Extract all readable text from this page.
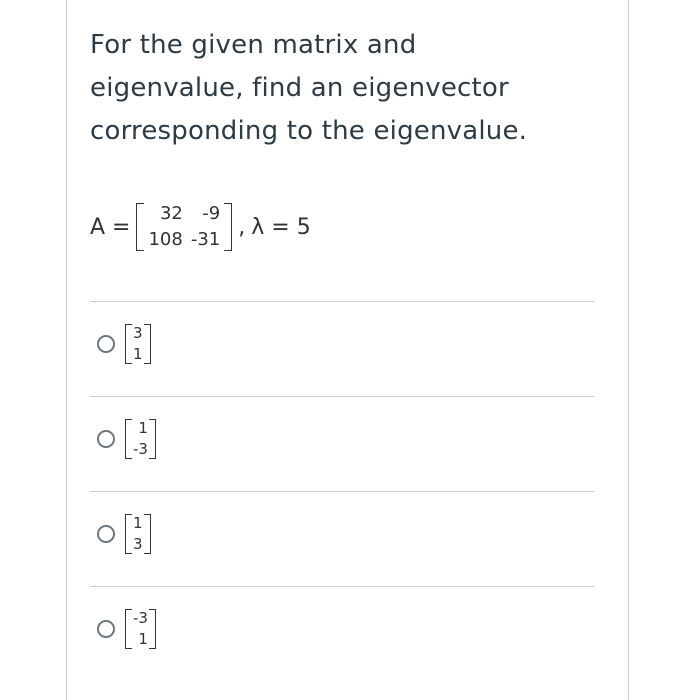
For the given matrix and
eigenvalue, find an eigenvector
corresponding to the eigenvalue.
A =
32	-9
108	-31 , λ = 5
3
1
1
-3
1
3
-3
1
